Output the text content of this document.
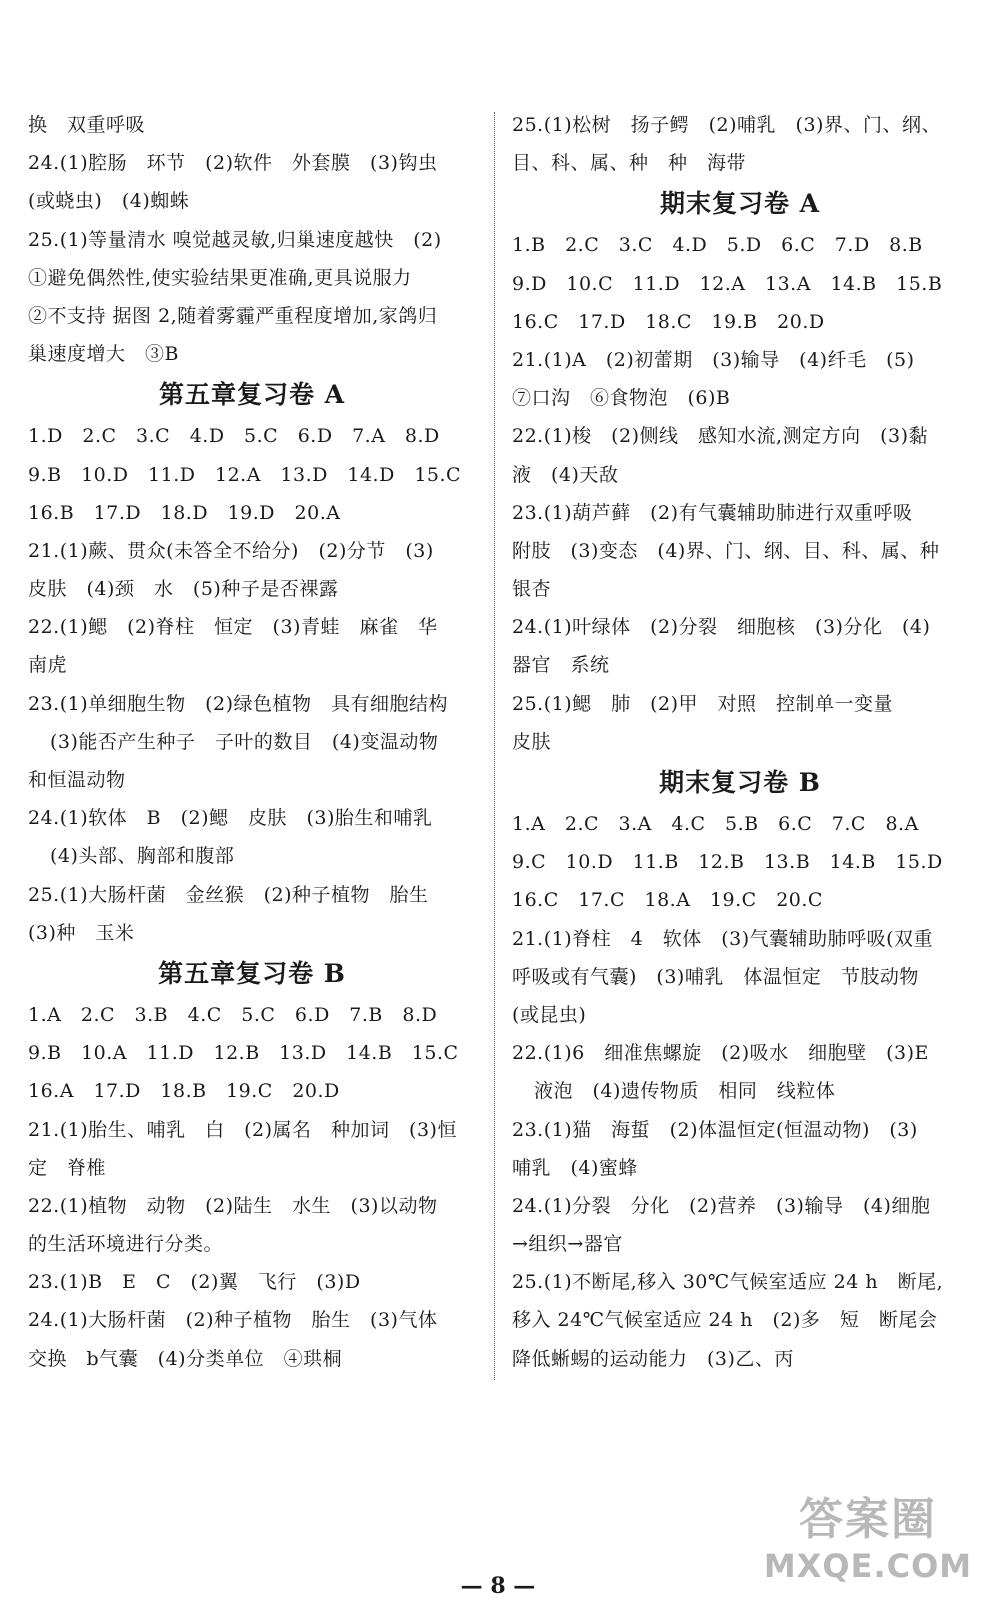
换　双重呼吸
24.(1)腔肠　环节　(2)软件　外套膜　(3)钩虫
(或蛲虫)　(4)蜘蛛
25.(1)等量清水 嗅觉越灵敏,归巢速度越快　(2)
①避免偶然性,使实验结果更准确,更具说服力
②不支持 据图 2,随着雾霾严重程度增加,家鸽归
巢速度增大　③B
第五章复习卷 A
1.D　2.C　3.C　4.D　5.C　6.D　7.A　8.D
9.B　10.D　11.D　12.A　13.D　14.D　15.C
16.B　17.D　18.D　19.D　20.A
21.(1)蕨、贯众(未答全不给分)　(2)分节　(3)
皮肤　(4)颈　水　(5)种子是否裸露
22.(1)鳃　(2)脊柱　恒定　(3)青蛙　麻雀　华
南虎
23.(1)单细胞生物　(2)绿色植物　具有细胞结构
(3)能否产生种子　子叶的数目　(4)变温动物
和恒温动物
24.(1)软体　B　(2)鳃　皮肤　(3)胎生和哺乳
(4)头部、胸部和腹部
25.(1)大肠杆菌　金丝猴　(2)种子植物　胎生
(3)种　玉米
第五章复习卷 B
1.A　2.C　3.B　4.C　5.C　6.D　7.B　8.D
9.B　10.A　11.D　12.B　13.D　14.B　15.C
16.A　17.D　18.B　19.C　20.D
21.(1)胎生、哺乳　白　(2)属名　种加词　(3)恒
定　脊椎
22.(1)植物　动物　(2)陆生　水生　(3)以动物
的生活环境进行分类。
23.(1)B　E　C　(2)翼　飞行　(3)D
24.(1)大肠杆菌　(2)种子植物　胎生　(3)气体
交换　b气囊　(4)分类单位　④珙桐
25.(1)松树　扬子鳄　(2)哺乳　(3)界、门、纲、
目、科、属、种　种　海带
期末复习卷 A
1.B　2.C　3.C　4.D　5.D　6.C　7.D　8.B
9.D　10.C　11.D　12.A　13.A　14.B　15.B
16.C　17.D　18.C　19.B　20.D
21.(1)A　(2)初蕾期　(3)输导　(4)纤毛　(5)
⑦口沟　⑥食物泡　(6)B
22.(1)梭　(2)侧线　感知水流,测定方向　(3)黏
液　(4)天敌
23.(1)葫芦藓　(2)有气囊辅助肺进行双重呼吸
附肢　(3)变态　(4)界、门、纲、目、科、属、种
银杏
24.(1)叶绿体　(2)分裂　细胞核　(3)分化　(4)
器官　系统
25.(1)鳃　肺　(2)甲　对照　控制单一变量
皮肤
期末复习卷 B
1.A　2.C　3.A　4.C　5.B　6.C　7.C　8.A
9.C　10.D　11.B　12.B　13.B　14.B　15.D
16.C　17.C　18.A　19.C　20.C
21.(1)脊柱　4　软体　(3)气囊辅助肺呼吸(双重
呼吸或有气囊)　(3)哺乳　体温恒定　节肢动物
(或昆虫)
22.(1)6　细准焦螺旋　(2)吸水　细胞壁　(3)E
液泡　(4)遗传物质　相同　线粒体
23.(1)猫　海蜇　(2)体温恒定(恒温动物)　(3)
哺乳　(4)蜜蜂
24.(1)分裂　分化　(2)营养　(3)输导　(4)细胞
→组织→器官
25.(1)不断尾,移入 30℃气候室适应 24 h　断尾,
移入 24℃气候室适应 24 h　(2)多　短　断尾会
降低蜥蜴的运动能力　(3)乙、丙
— 8 —
答案圈
MXQE.COM
